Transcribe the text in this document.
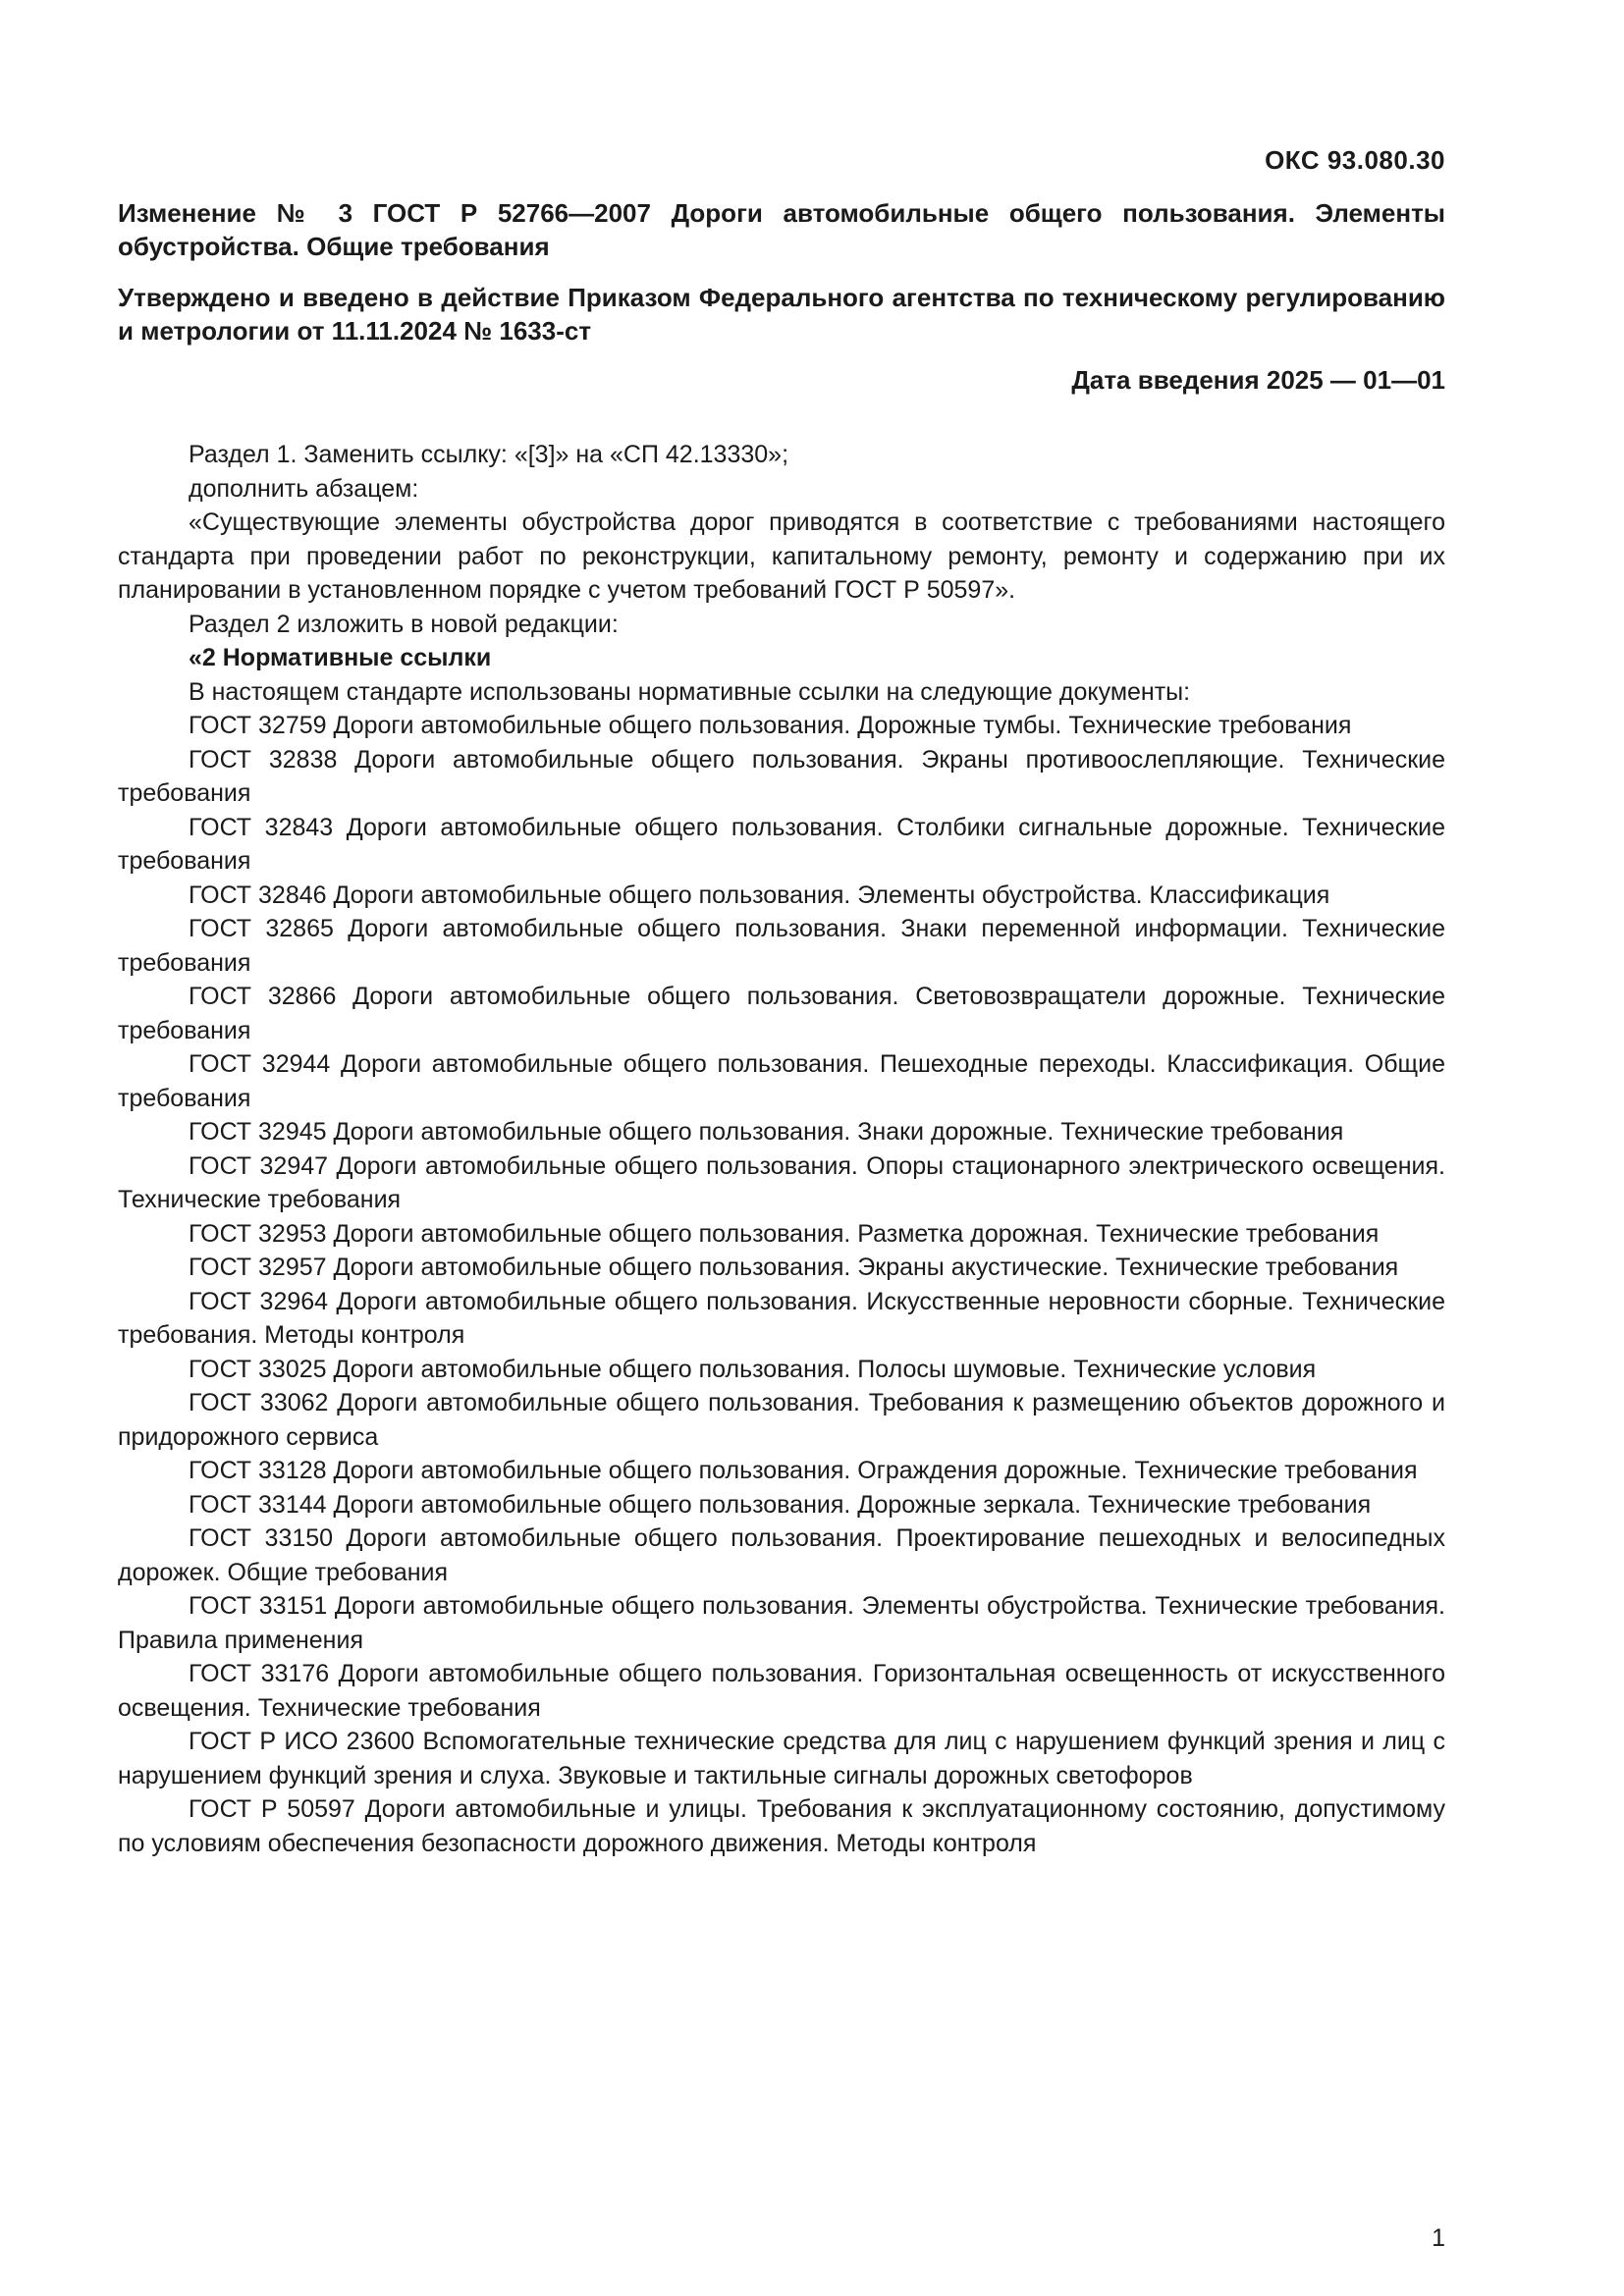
ОКС 93.080.30
Изменение № 3 ГОСТ Р 52766—2007 Дороги автомобильные общего пользования. Элементы обустройства. Общие требования
Утверждено и введено в действие Приказом Федерального агентства по техническому регулированию и метрологии от 11.11.2024 № 1633-ст
Дата введения 2025 — 01—01

Раздел 1. Заменить ссылку: «[3]» на «СП 42.13330»;

дополнить абзацем:

«Существующие элементы обустройства дорог приводятся в соответствие с требованиями настоящего стандарта при проведении работ по реконструкции, капитальному ремонту, ремонту и содержанию при их планировании в установленном порядке с учетом требований ГОСТ Р 50597».

Раздел 2 изложить в новой редакции:

«2 Нормативные ссылки

В настоящем стандарте использованы нормативные ссылки на следующие документы:

ГОСТ 32759 Дороги автомобильные общего пользования. Дорожные тумбы. Технические требования

ГОСТ 32838 Дороги автомобильные общего пользования. Экраны противоослепляющие. Технические требования

ГОСТ 32843 Дороги автомобильные общего пользования. Столбики сигнальные дорожные. Технические требования

ГОСТ 32846 Дороги автомобильные общего пользования. Элементы обустройства. Классификация

ГОСТ 32865 Дороги автомобильные общего пользования. Знаки переменной информации. Технические требования

ГОСТ 32866 Дороги автомобильные общего пользования. Световозвращатели дорожные. Технические требования

ГОСТ 32944 Дороги автомобильные общего пользования. Пешеходные переходы. Классификация. Общие требования

ГОСТ 32945 Дороги автомобильные общего пользования. Знаки дорожные. Технические требования

ГОСТ 32947 Дороги автомобильные общего пользования. Опоры стационарного электрического освещения. Технические требования

ГОСТ 32953 Дороги автомобильные общего пользования. Разметка дорожная. Технические требования

ГОСТ 32957 Дороги автомобильные общего пользования. Экраны акустические. Технические требования

ГОСТ 32964 Дороги автомобильные общего пользования. Искусственные неровности сборные. Технические требования. Методы контроля

ГОСТ 33025 Дороги автомобильные общего пользования. Полосы шумовые. Технические условия

ГОСТ 33062 Дороги автомобильные общего пользования. Требования к размещению объектов дорожного и придорожного сервиса

ГОСТ 33128 Дороги автомобильные общего пользования. Ограждения дорожные. Технические требования

ГОСТ 33144 Дороги автомобильные общего пользования. Дорожные зеркала. Технические требования

ГОСТ 33150 Дороги автомобильные общего пользования. Проектирование пешеходных и велосипедных дорожек. Общие требования

ГОСТ 33151 Дороги автомобильные общего пользования. Элементы обустройства. Технические требования. Правила применения

ГОСТ 33176 Дороги автомобильные общего пользования. Горизонтальная освещенность от искусственного освещения. Технические требования

ГОСТ Р ИСО 23600 Вспомогательные технические средства для лиц с нарушением функций зрения и лиц с нарушением функций зрения и слуха. Звуковые и тактильные сигналы дорожных светофоров

ГОСТ Р 50597 Дороги автомобильные и улицы. Требования к эксплуатационному состоянию, допустимому по условиям обеспечения безопасности дорожного движения. Методы контроля

1
